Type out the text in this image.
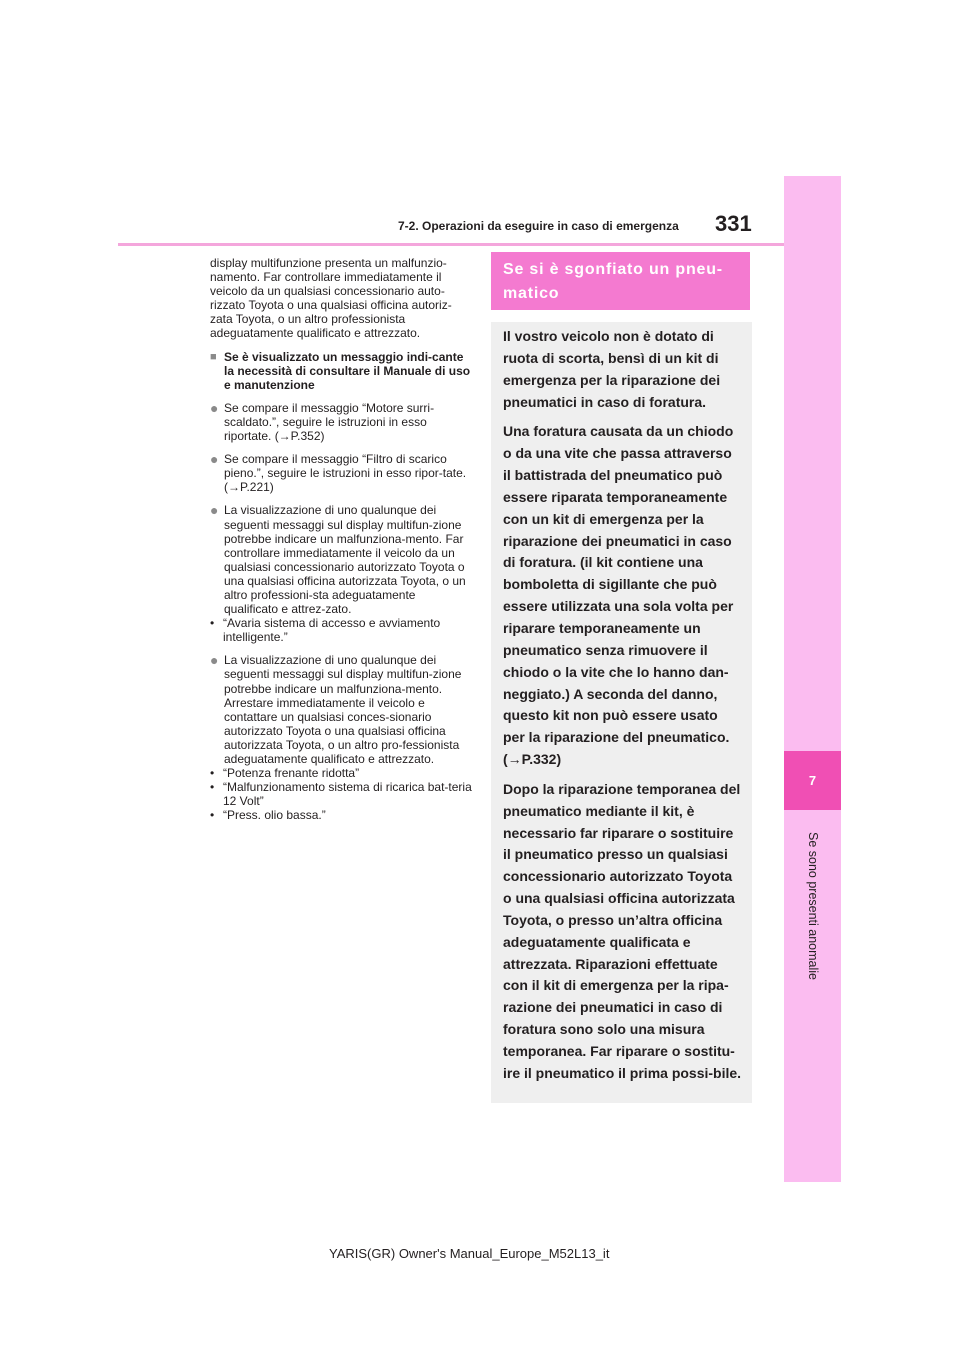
7
Se sono presenti anomalie
7-2. Operazioni da eseguire in caso di emergenza 331

display multifunzione presenta un malfunzio-namento. Far controllare immediatamente il veicolo da un qualsiasi concessionario auto-rizzato Toyota o una qualsiasi officina autoriz-zata Toyota, o un altro professionista adeguatamente qualificato e attrezzato.

■ Se è visualizzato un messaggio indi-cante la necessità di consultare il Manuale di uso e manutenzione
● Se compare il messaggio “Motore surri-scaldato.”, seguire le istruzioni in esso riportate. (→P.352)
● Se compare il messaggio “Filtro di scarico pieno.”, seguire le istruzioni in esso ripor-tate. (→P.221)
● La visualizzazione di uno qualunque dei seguenti messaggi sul display multifun-zione potrebbe indicare un malfunziona-mento. Far controllare immediatamente il veicolo da un qualsiasi concessionario autorizzato Toyota o una qualsiasi officina autorizzata Toyota, o un altro professioni-sta adeguatamente qualificato e attrez-zato.
• “Avaria sistema di accesso e avviamento intelligente.”
● La visualizzazione di uno qualunque dei seguenti messaggi sul display multifun-zione potrebbe indicare un malfunziona-mento. Arrestare immediatamente il veicolo e contattare un qualsiasi conces-sionario autorizzato Toyota o una qualsiasi officina autorizzata Toyota, o un altro pro-fessionista adeguatamente qualificato e attrezzato.
• “Potenza frenante ridotta”
• “Malfunzionamento sistema di ricarica bat-teria 12 Volt”
• “Press. olio bassa.”
Se si è sgonfiato un pneu-matico

Il vostro veicolo non è dotato di ruota di scorta, bensì di un kit di emergenza per la riparazione dei pneumatici in caso di foratura.

Una foratura causata da un chiodo o da una vite che passa attraverso il battistrada del pneumatico può essere riparata temporaneamente con un kit di emergenza per la riparazione dei pneumatici in caso di foratura. (il kit contiene una bomboletta di sigillante che può essere utilizzata una sola volta per riparare temporaneamente un pneumatico senza rimuovere il chiodo o la vite che lo hanno dan-neggiato.) A seconda del danno, questo kit non può essere usato per la riparazione del pneumatico. (→P.332)

Dopo la riparazione temporanea del pneumatico mediante il kit, è necessario far riparare o sostituire il pneumatico presso un qualsiasi concessionario autorizzato Toyota o una qualsiasi officina autorizzata Toyota, o presso un’altra officina adeguatamente qualificata e attrezzata. Riparazioni effettuate con il kit di emergenza per la ripa-razione dei pneumatici in caso di foratura sono solo una misura temporanea. Far riparare o sostitu-ire il pneumatico il prima possi-bile.

YARIS(GR) Owner's Manual_Europe_M52L13_it
